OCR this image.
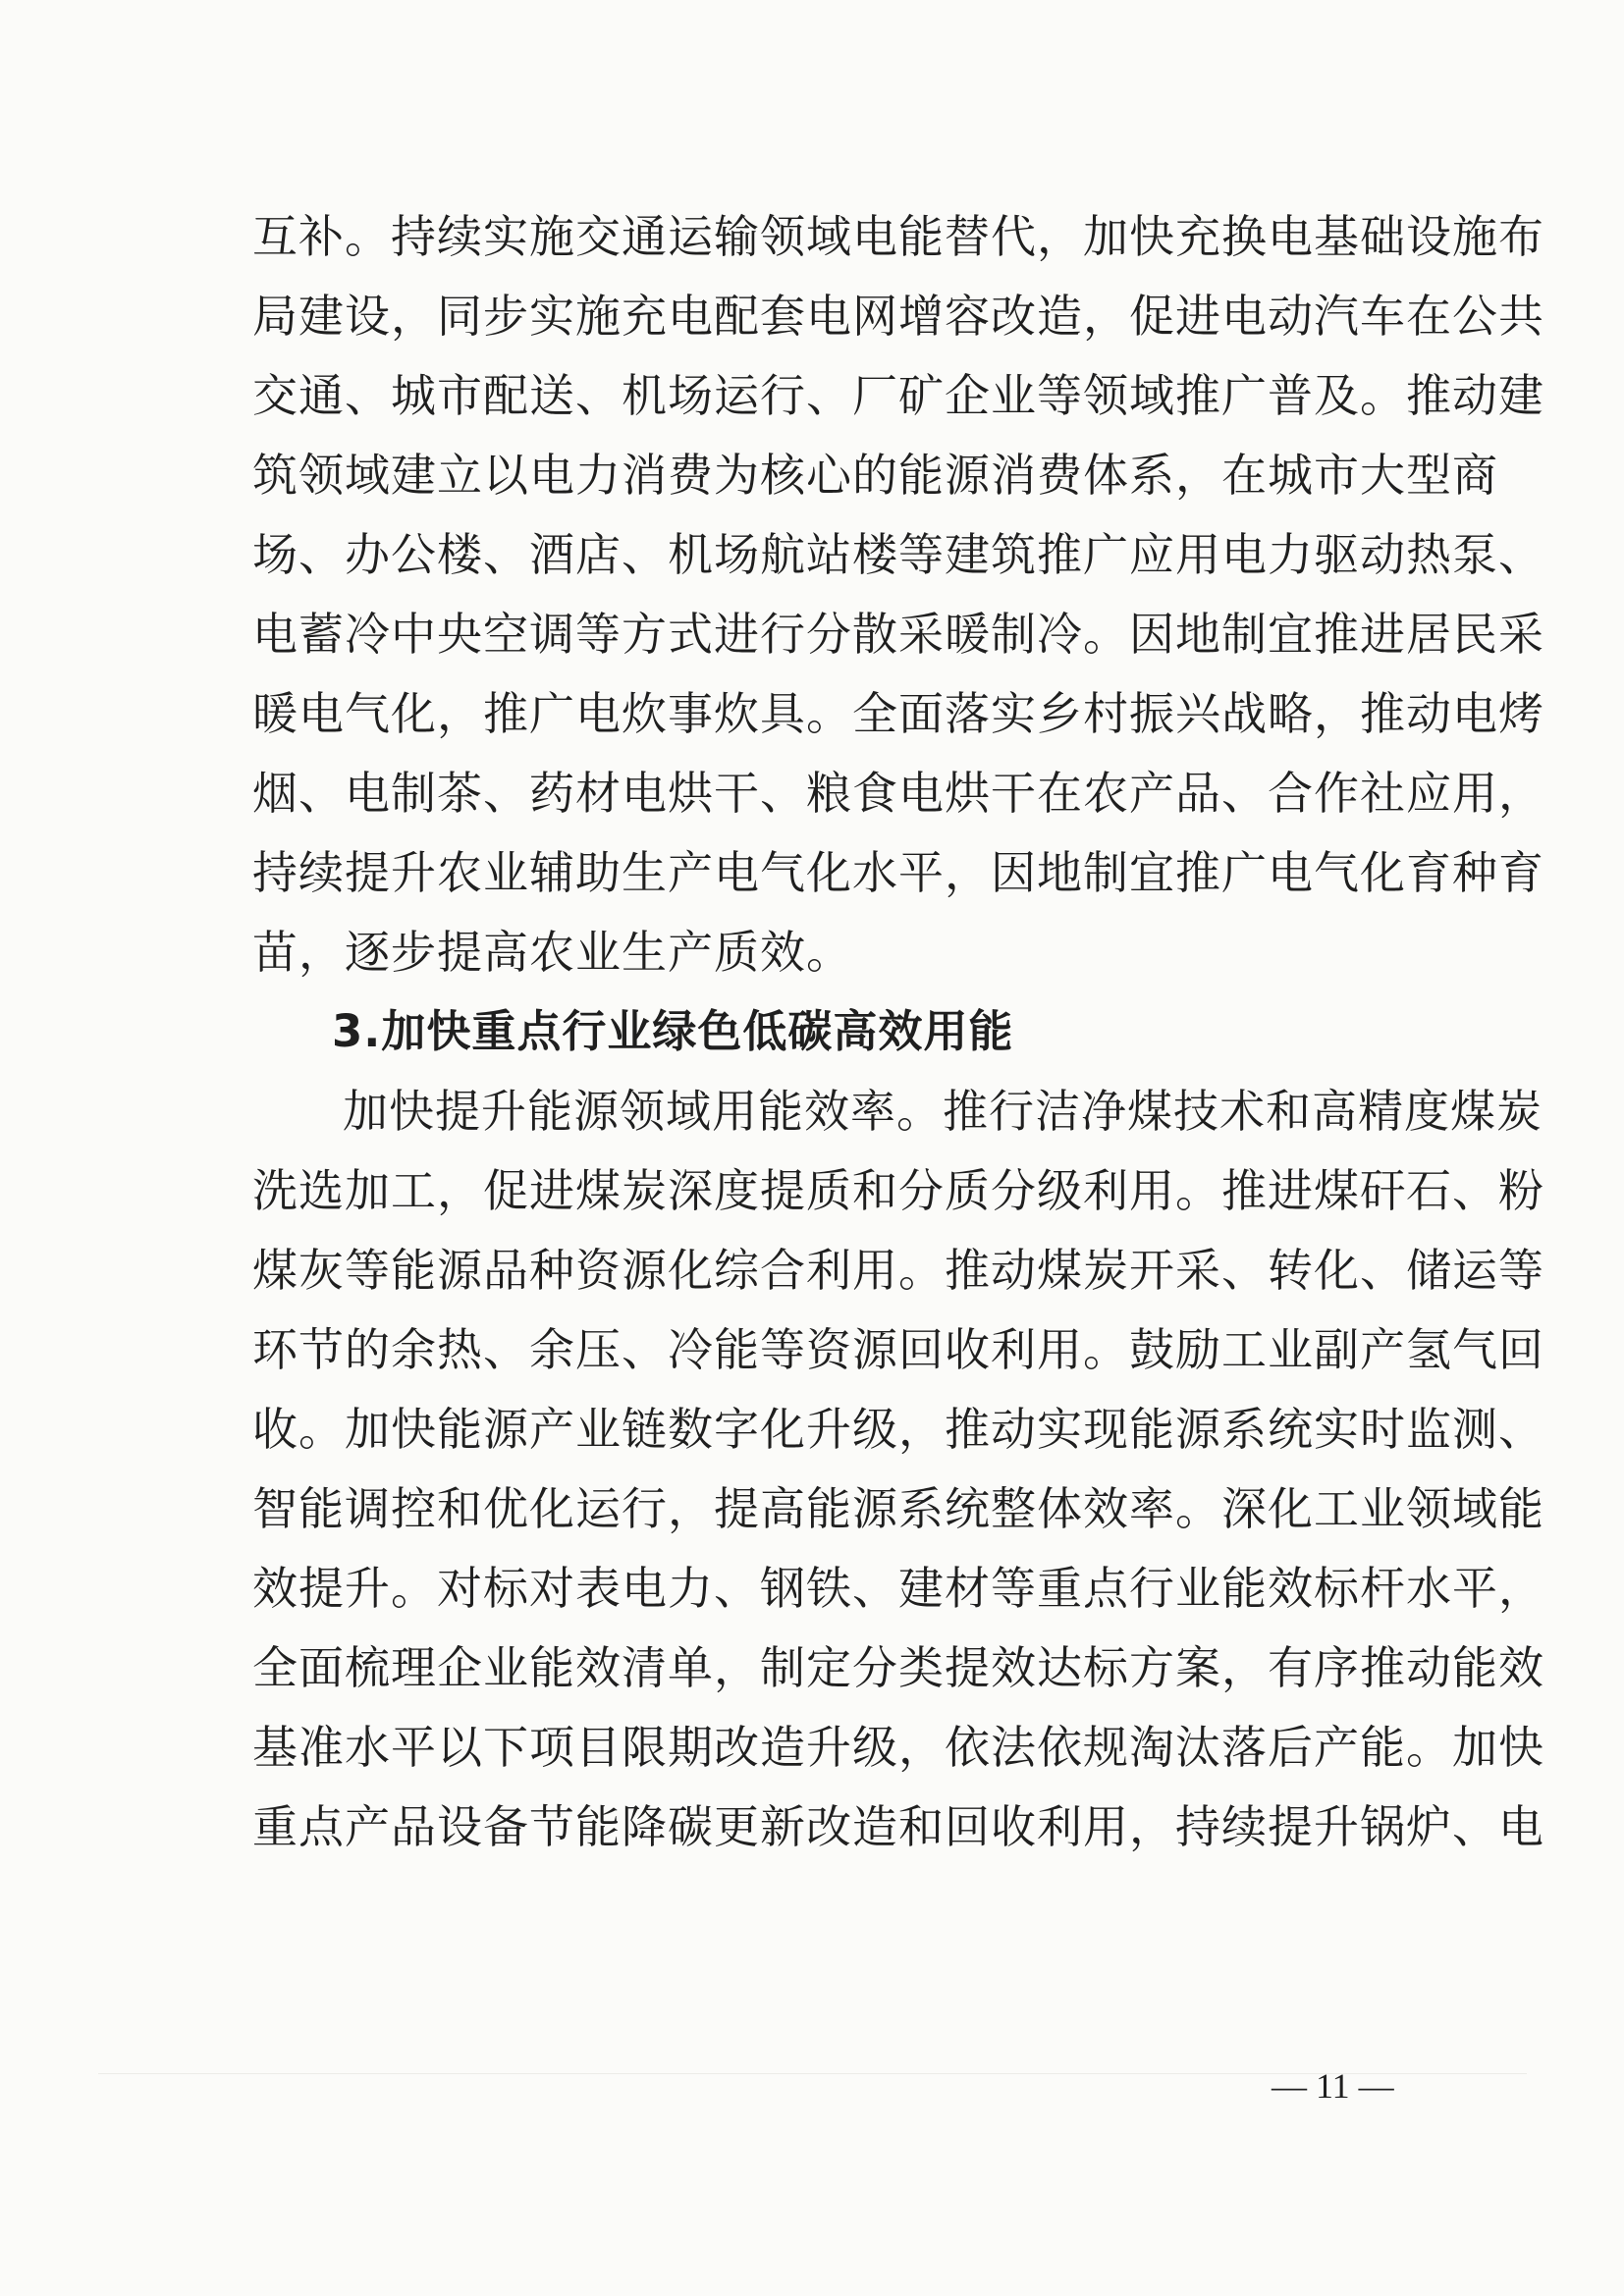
互补。持续实施交通运输领域电能替代，加快充换电基础设施布
局建设，同步实施充电配套电网增容改造，促进电动汽车在公共
交通、城市配送、机场运行、厂矿企业等领域推广普及。推动建
筑领域建立以电力消费为核心的能源消费体系，在城市大型商
场、办公楼、酒店、机场航站楼等建筑推广应用电力驱动热泵、
电蓄冷中央空调等方式进行分散采暖制冷。因地制宜推进居民采
暖电气化，推广电炊事炊具。全面落实乡村振兴战略，推动电烤
烟、电制茶、药材电烘干、粮食电烘干在农产品、合作社应用，
持续提升农业辅助生产电气化水平，因地制宜推广电气化育种育
苗，逐步提高农业生产质效。
3.加快重点行业绿色低碳高效用能
加快提升能源领域用能效率。推行洁净煤技术和高精度煤炭
洗选加工，促进煤炭深度提质和分质分级利用。推进煤矸石、粉
煤灰等能源品种资源化综合利用。推动煤炭开采、转化、储运等
环节的余热、余压、冷能等资源回收利用。鼓励工业副产氢气回
收。加快能源产业链数字化升级，推动实现能源系统实时监测、
智能调控和优化运行，提高能源系统整体效率。深化工业领域能
效提升。对标对表电力、钢铁、建材等重点行业能效标杆水平，
全面梳理企业能效清单，制定分类提效达标方案，有序推动能效
基准水平以下项目限期改造升级，依法依规淘汰落后产能。加快
重点产品设备节能降碳更新改造和回收利用，持续提升锅炉、电
— 11 —
